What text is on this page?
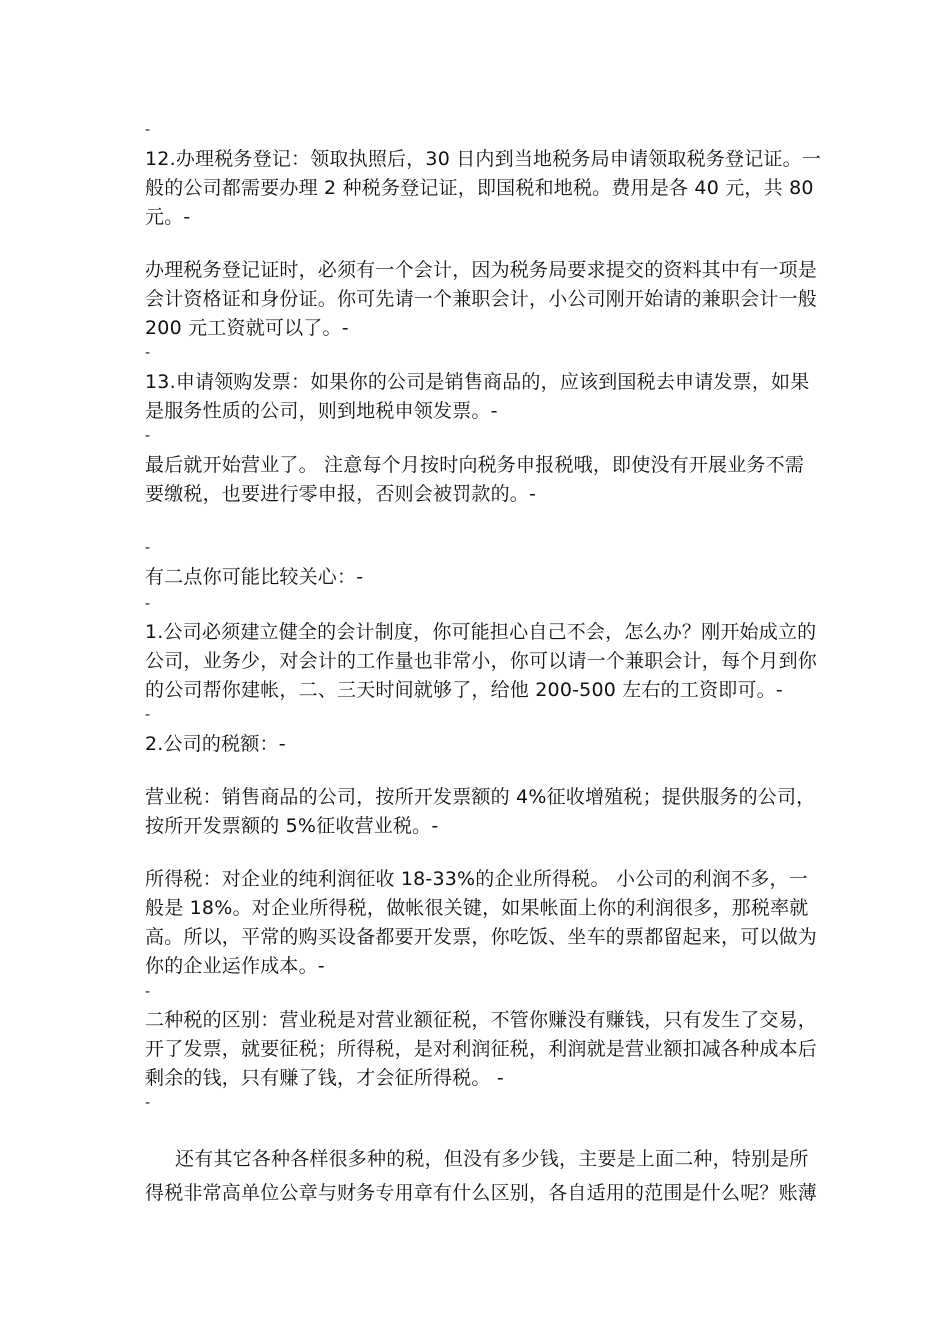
-
12.办理税务登记：领取执照后，30 日内到当地税务局申请领取税务登记证。一
般的公司都需要办理 2 种税务登记证，即国税和地税。费用是各 40 元，共 80
元。-
办理税务登记证时，必须有一个会计，因为税务局要求提交的资料其中有一项是
会计资格证和身份证。你可先请一个兼职会计，小公司刚开始请的兼职会计一般
200 元工资就可以了。-
-
13.申请领购发票：如果你的公司是销售商品的，应该到国税去申请发票，如果
是服务性质的公司，则到地税申领发票。-
-
最后就开始营业了。 注意每个月按时向税务申报税哦，即使没有开展业务不需
要缴税，也要进行零申报，否则会被罚款的。-
-
有二点你可能比较关心：-
-
1.公司必须建立健全的会计制度，你可能担心自己不会，怎么办？刚开始成立的
公司，业务少，对会计的工作量也非常小，你可以请一个兼职会计，每个月到你
的公司帮你建帐，二、三天时间就够了，给他 200-500 左右的工资即可。-
-
2.公司的税额：-
营业税：销售商品的公司，按所开发票额的 4%征收增殖税；提供服务的公司，
按所开发票额的 5%征收营业税。-
所得税：对企业的纯利润征收 18-33%的企业所得税。 小公司的利润不多，一
般是 18%。对企业所得税，做帐很关键，如果帐面上你的利润很多，那税率就
高。所以，平常的购买设备都要开发票，你吃饭、坐车的票都留起来，可以做为
你的企业运作成本。-
-
二种税的区别：营业税是对营业额征税，不管你赚没有赚钱，只有发生了交易，
开了发票，就要征税；所得税，是对利润征税，利润就是营业额扣减各种成本后
剩余的钱，只有赚了钱，才会征所得税。 -
-
还有其它各种各样很多种的税，但没有多少钱，主要是上面二种，特别是所
得税非常高单位公章与财务专用章有什么区别，各自适用的范围是什么呢？账薄
